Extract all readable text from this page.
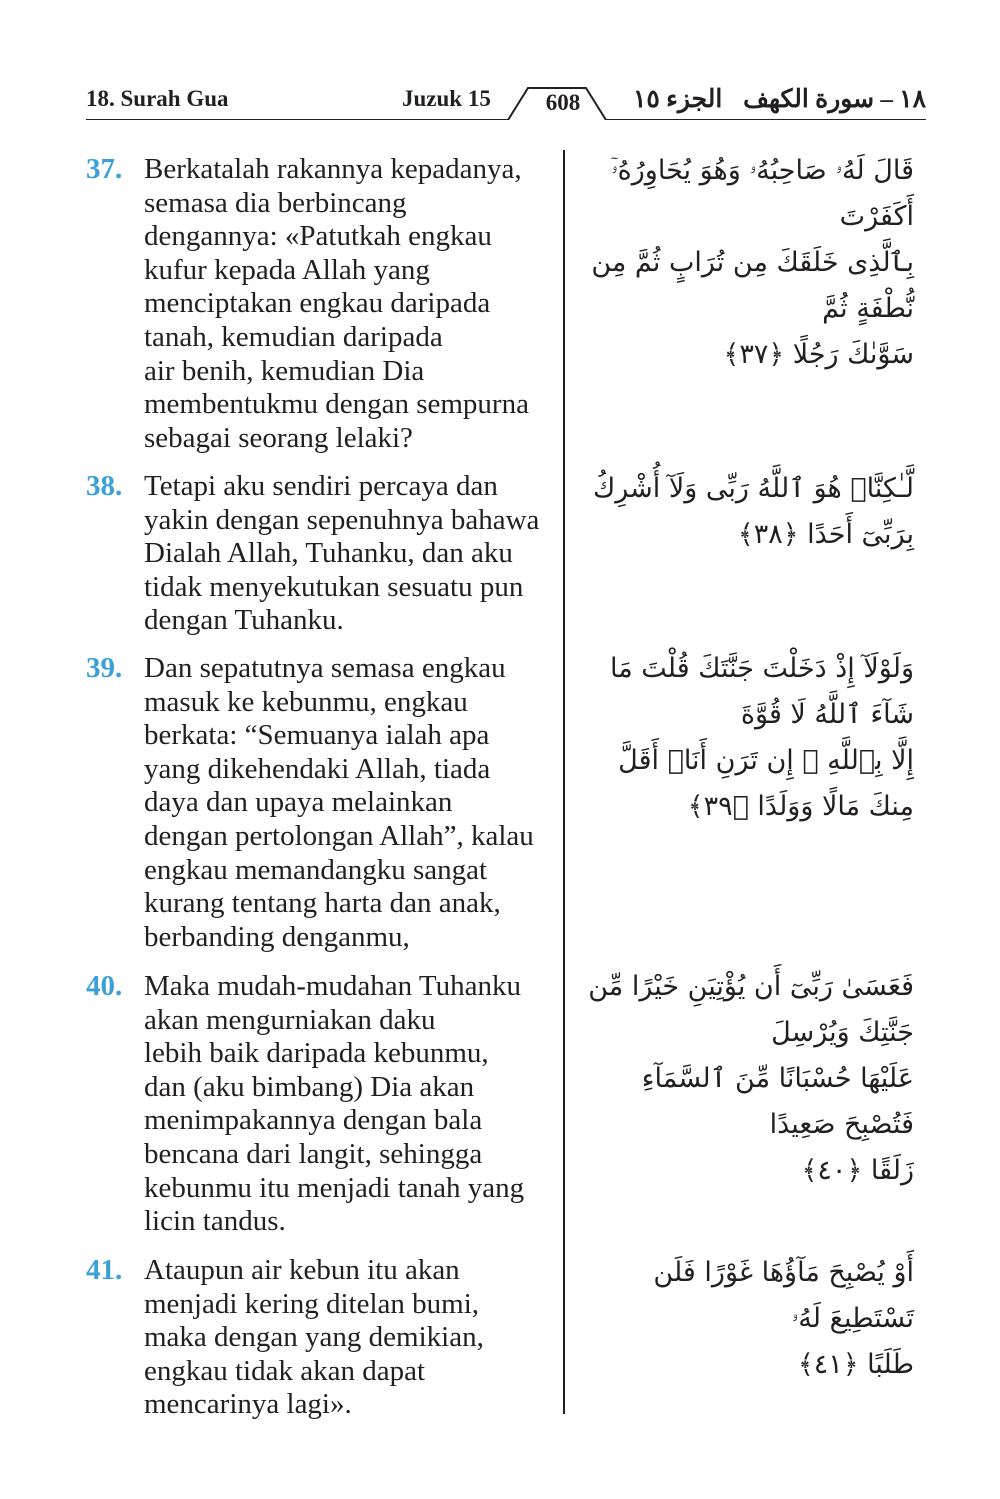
18. Surah Gua	Juzuk 15	608	الجزء ١٥ ١٨ – سورة الكهف
37. Berkatalah rakannya kepadanya,
semasa dia berbincang
dengannya: «Patutkah engkau
kufur kepada Allah yang
menciptakan engkau daripada
tanah, kemudian daripada
air benih, kemudian Dia
membentukmu dengan sempurna
sebagai seorang lelaki?
قَالَ لَهُۥ صَاحِبُهُۥ وَهُوَ يُحَاوِرُهُۥٓ أَكَفَرْتَ
بِٱلَّذِى خَلَقَكَ مِن تُرَابٍ ثُمَّ مِن نُّطْفَةٍ ثُمَّ
سَوَّىٰكَ رَجُلًا ﴿٣٧﴾
38. Tetapi aku sendiri percaya dan
yakin dengan sepenuhnya bahawa
Dialah Allah, Tuhanku, dan aku
tidak menyekutukan sesuatu pun
dengan Tuhanku.
لَّـٰكِنَّا۠ هُوَ ٱللَّهُ رَبِّى وَلَآ أُشْرِكُ بِرَبِّىٓ أَحَدًا ﴿٣٨﴾
39. Dan sepatutnya semasa engkau
masuk ke kebunmu, engkau
berkata: “Semuanya ialah apa
yang dikehendaki Allah, tiada
daya dan upaya melainkan
dengan pertolongan Allah”, kalau
engkau memandangku sangat
kurang tentang harta dan anak,
berbanding denganmu,
وَلَوْلَآ إِذْ دَخَلْتَ جَنَّتَكَ قُلْتَ مَا شَآءَ ٱللَّهُ لَا قُوَّةَ
إِلَّا بِٱللَّهِ ۚ إِن تَرَنِ أَنَا۠ أَقَلَّ مِنكَ مَالًا وَوَلَدًا ﴿٣٩﴾
40. Maka mudah-mudahan Tuhanku
akan mengurniakan daku
lebih baik daripada kebunmu,
dan (aku bimbang) Dia akan
menimpakannya dengan bala
bencana dari langit, sehingga
kebunmu itu menjadi tanah yang
licin tandus.
فَعَسَىٰ رَبِّىٓ أَن يُؤْتِيَنِ خَيْرًا مِّن جَنَّتِكَ وَيُرْسِلَ
عَلَيْهَا حُسْبَانًا مِّنَ ٱلسَّمَآءِ فَتُصْبِحَ صَعِيدًا
زَلَقًا ﴿٤٠﴾
41. Ataupun air kebun itu akan
menjadi kering ditelan bumi,
maka dengan yang demikian,
engkau tidak akan dapat
mencarinya lagi».
أَوْ يُصْبِحَ مَآؤُهَا غَوْرًا فَلَن تَسْتَطِيعَ لَهُۥ
طَلَبًا ﴿٤١﴾
